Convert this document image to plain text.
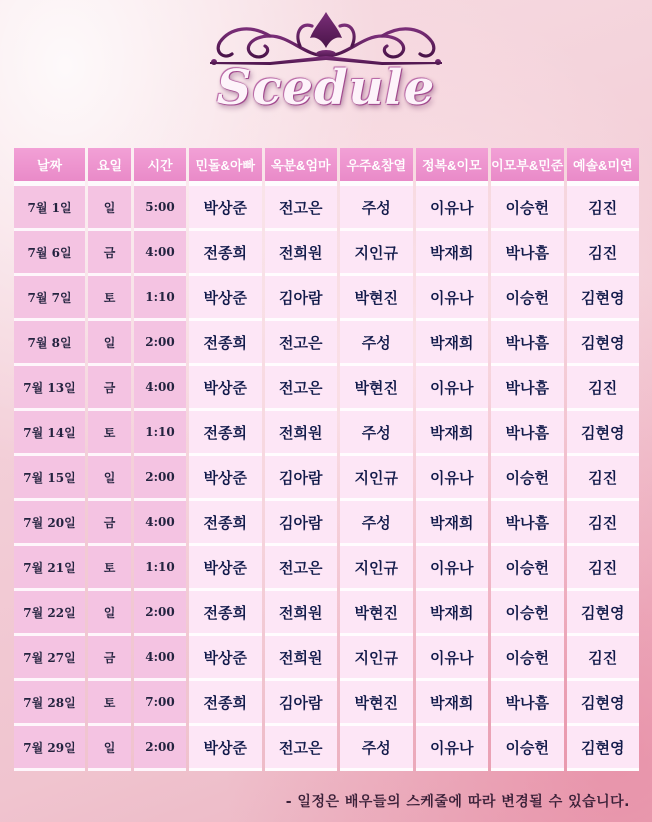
Scedule
날짜	요일	시간	민돌&아빠	옥분&엄마	우주&참열	정복&이모	이모부&민준	예솔&미연
7월 1일	일	5:00	박상준	전고은	주성	이유나	이승헌	김진
7월 6일	금	4:00	전종희	전희원	지인규	박재희	박나흠	김진
7월 7일	토	1:10	박상준	김아람	박현진	이유나	이승헌	김현영
7월 8일	일	2:00	전종희	전고은	주성	박재희	박나흠	김현영
7월 13일	금	4:00	박상준	전고은	박현진	이유나	박나흠	김진
7월 14일	토	1:10	전종희	전희원	주성	박재희	박나흠	김현영
7월 15일	일	2:00	박상준	김아람	지인규	이유나	이승헌	김진
7월 20일	금	4:00	전종희	김아람	주성	박재희	박나흠	김진
7월 21일	토	1:10	박상준	전고은	지인규	이유나	이승헌	김진
7월 22일	일	2:00	전종희	전희원	박현진	박재희	이승헌	김현영
7월 27일	금	4:00	박상준	전희원	지인규	이유나	이승헌	김진
7월 28일	토	7:00	전종희	김아람	박현진	박재희	박나흠	김현영
7월 29일	일	2:00	박상준	전고은	주성	이유나	이승헌	김현영
- 일정은 배우들의 스케줄에 따라 변경될 수 있습니다.
